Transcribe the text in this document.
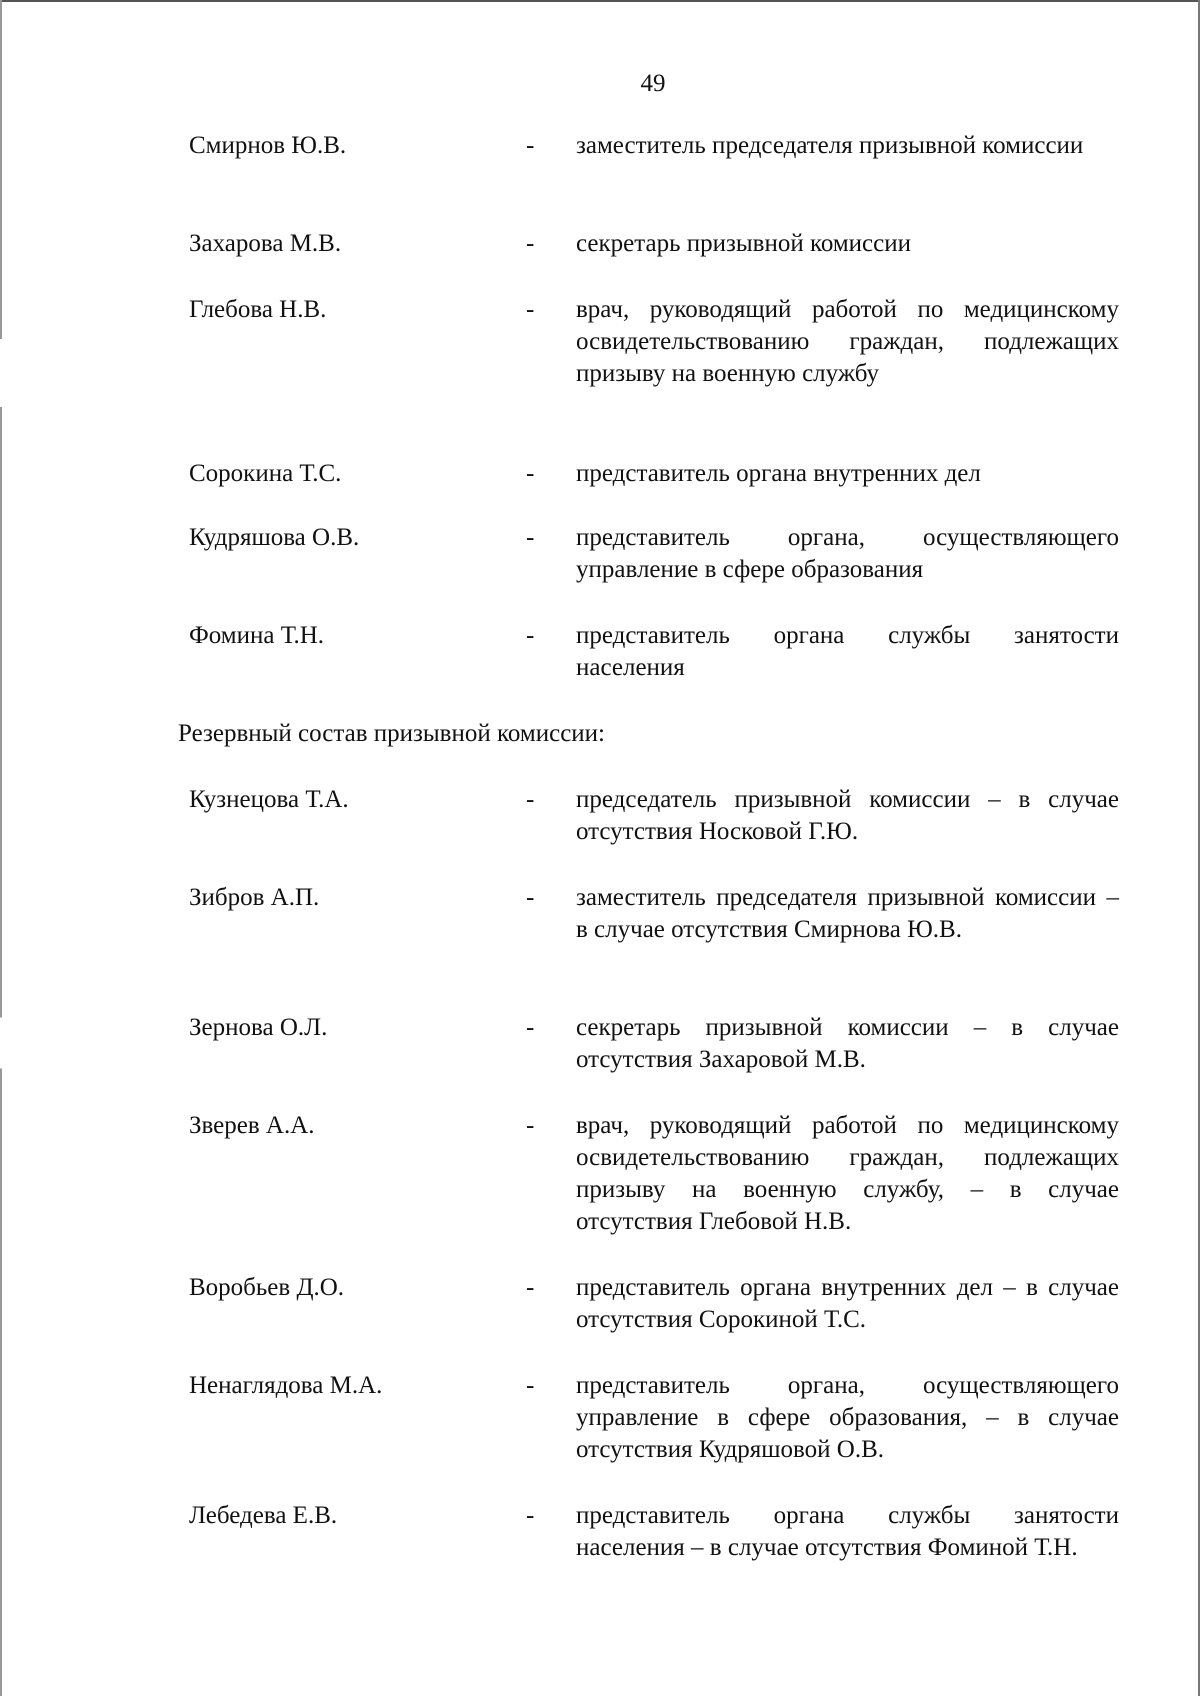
49
Смирнов Ю.В.	-	заместитель председателя призывной комиссии
Захарова М.В.	-	секретарь призывной комиссии
Глебова Н.В.	-	врач, руководящий работой по медицинскому освидетельствованию граждан, подлежащих призыву на военную службу
Сорокина Т.С.	-	представитель органа внутренних дел
Кудряшова О.В.	-	представитель органа, осуществляющего управление в сфере образования
Фомина Т.Н.	-	представитель органа службы занятости населения
Резервный состав призывной комиссии:
Кузнецова Т.А.	-	председатель призывной комиссии – в случае отсутствия Носковой Г.Ю.
Зибров А.П.	-	заместитель председателя призывной комиссии – в случае отсутствия Смирнова Ю.В.
Зернова О.Л.	-	секретарь призывной комиссии – в случае отсутствия Захаровой М.В.
Зверев А.А.	-	врач, руководящий работой по медицинскому освидетельствованию граждан, подлежащих призыву на военную службу, – в случае отсутствия Глебовой Н.В.
Воробьев Д.О.	-	представитель органа внутренних дел – в случае отсутствия Сорокиной Т.С.
Ненаглядова М.А.	-	представитель органа, осуществляющего управление в сфере образования, – в случае отсутствия Кудряшовой О.В.
Лебедева Е.В.	-	представитель органа службы занятости населения – в случае отсутствия Фоминой Т.Н.
